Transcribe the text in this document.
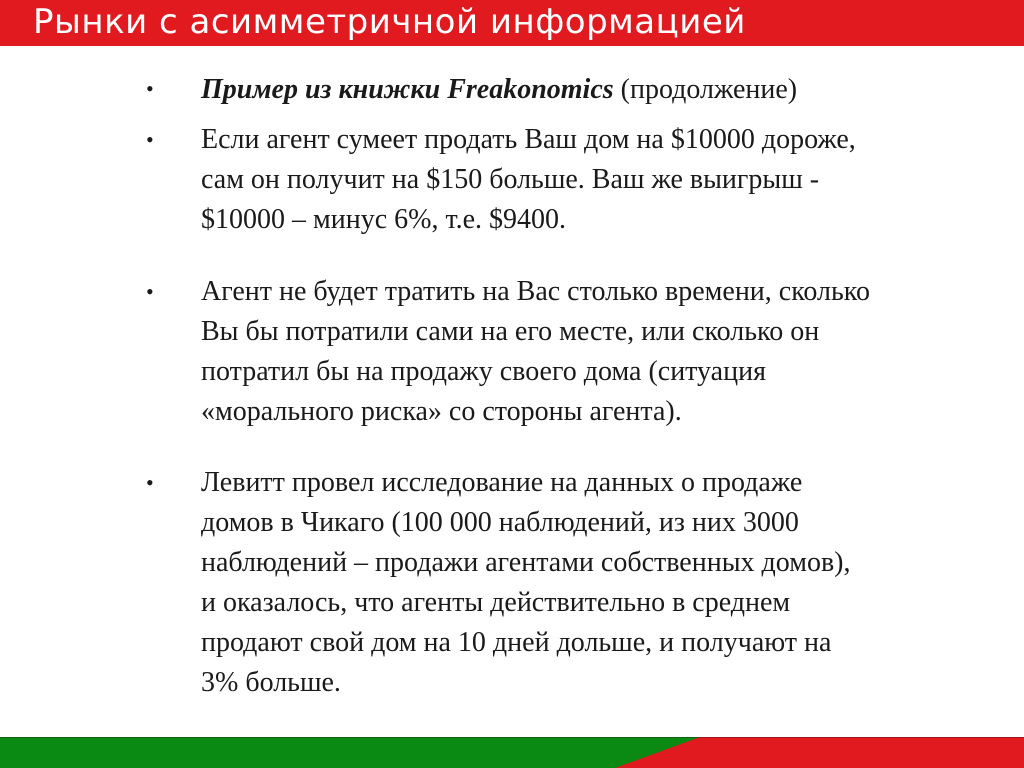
Рынки с асимметричной информацией
• Пример из книжки Freakonomics (продолжение)
• Если агент сумеет продать Ваш дом на $10000 дороже,
сам он получит на $150 больше. Ваш же выигрыш -
$10000 – минус 6%, т.е. $9400.
• Агент не будет тратить на Вас столько времени, сколько
Вы бы потратили сами на его месте, или сколько он
потратил бы на продажу своего дома (ситуация
«морального риска» со стороны агента).
• Левитт провел исследование на данных о продаже
домов в Чикаго (100 000 наблюдений, из них 3000
наблюдений – продажи агентами собственных домов),
и оказалось, что агенты действительно в среднем
продают свой дом на 10 дней дольше, и получают на
3% больше.
